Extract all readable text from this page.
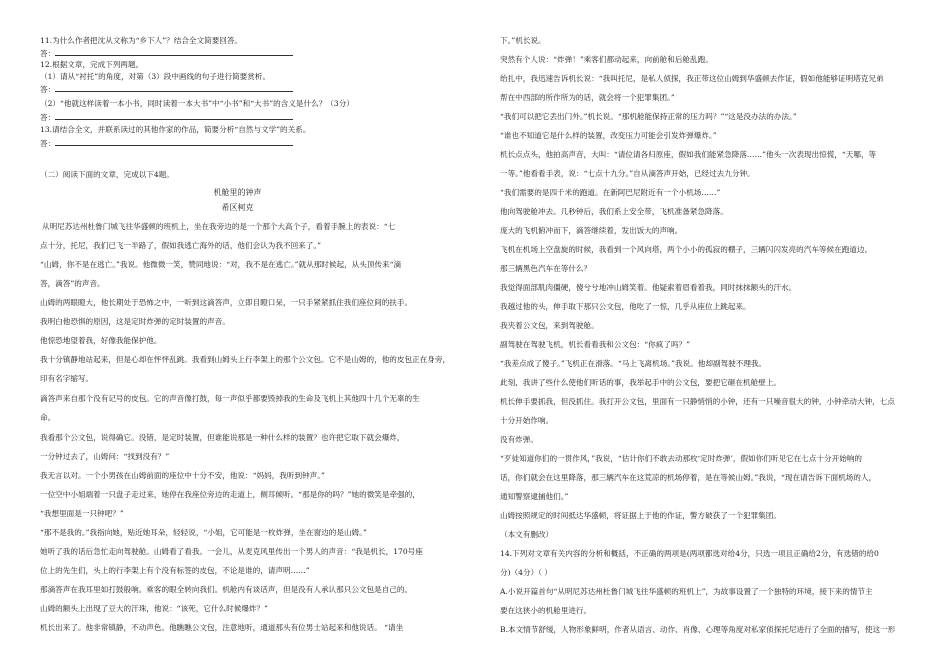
11.为什么作者把沈从文称为“乡下人”？结合全文简要回答。
答：
12.根据文章，完成下列两题。
（1）请从“衬托”的角度，对第（3）段中画线的句子进行简要赏析。
答：
（2）“他就这样读着一本小书，同时读着一本大书”中“小书”和“大书”的含义是什么？（3分）
答：
13.请结合全文，并联系读过的其他作家的作品，简要分析“自然与文学”的关系。
答：
（二）阅读下面的文章，完成以下4题。
机舱里的钟声
希区柯克
从明尼苏达州杜鲁门城飞往华盛顿的班机上，坐在我旁边的是一个那个大高个子，看着手腕上的表说：“七
点十分，托尼，我们已飞一半路了，假如我逃亡海外的话，他们会认为我不回来了。”
“山姆，你不是在逃亡。”我说。他微微一笑，赞同地说：“对，我不是在逃亡。”就从那时候起，从头顶传来“滴
答，滴答”的声音。
山姆的两眼瞪大，他长期处于恐怖之中，一听到这滴答声，立即目瞪口呆，一只手紧紧抓住我们座位间的扶手。
我明白他恐惧的原因，这是定时炸弹的定时装置的声音。
他惊恐地望着我，好像我能保护他。
我十分镇静地站起来，但是心却在怦怦乱跳。我看到山姆头上行李架上的那个公文包。它不是山姆的，他的皮包正在身旁，
印有名字缩写。
滴答声来自那个没有记号的皮包。它的声音像打鼓，每一声似乎都要毁掉我的生命及飞机上其他四十几个无辜的生
命。
我看那个公文包，说得确它。没错，是定时装置，但谁能说那是一种什么样的装置？也许把它取下就会爆炸，
一分钟过去了，山姆问：“找到没有？”
我无言以对。一个小男孩在山姆前面的座位中十分不安，他说：“妈妈，我听到钟声。”
一位空中小姐端着一只盘子走过来，她停在我座位旁边的走道上，侧耳倾听。“那是你的吗？”她的微笑是牵强的，
“我想里面是一只钟吧？”
“那不是我的。”我指向她，贴近她耳朵，轻轻说，“小姐，它可能是一枚炸弹，坐在窗边的是山姆。”
她听了我的话后急忙走向驾驶舱。山姆看了看我。一会儿，从麦克风里传出一个男人的声音：“我是机长，170号座
位上的先生们，头上的行李架上有个没有标签的皮包，不论是谁的，请声明……”
那滴答声在我耳里如打鼓般响。乘客的眼全转向我们。机舱内有谈话声，但是没有人承认那只公文包是自己的。
山姆的额头上出现了豆大的汗珠，他说：“该死，它什么时候爆炸？”
机长出来了。他非常镇静，不动声色。他瞧瞧公文包，注意地听，通道那头有位男士站起来和他说话。 “请坐
下。”机长说。
突然有个人说：“炸弹！”乘客们都动起来，向前舱和后舱乱跑。
绐扎中，我迅速告诉机长说：“我叫托尼，是私人侦探，我正带这位山姆到华盛顿去作证，假如他能够证明塔克兄弟
帮在中西部的所作所为的话，就会将一个犯罪集团。”
“我们可以把它丢出门外。”机长说。“那机舱能保持正常的压力吗？”“这是没办法的办法。”
“谁也不知道它是什么样的装置，改变压力可能会引发炸弹爆炸。”
机长点点头，他拍高声音，大叫：“请位请各归原座，假如我们能紧急降落……”他头一次表现出惊慌，“天哪，等
一等。”他看看手表，说：“七点十九分。”自从滴答声开始，已经过去九分钟。
“我们需要的是四千米的跑道。在新阿巴尼附近有一个小机场……”
他向驾驶舱冲去。几秒钟后，我们系上安全带，飞机准备紧急降落。
庞大的飞机俯冲而下，滴答继续着，发出饭大的声响。
飞机在机场上空盘旋的时候，我看到一个风向塔，两个小小的孤寂的棚子，三辆闪闪发亮的汽车等候在跑道边。
那三辆黑色汽车在等什么？
我觉得面部肌肉僵硬，傻兮兮地冲山姆笑着。他疑索着眉看着我，同时抹抹额头的汗水。
我越过他的头，伸手取下那只公文包，他吃了一惊，几乎从座位上跳起来。
我夹着公文包，来到驾驶舱。
副驾驶在驾驶飞机，机长看看我和公文包：“你疯了吗？”
“我差点成了傻子。”飞机正在滑落。“马上飞离机场。”我说。他却副驾驶不理我。
此刻，我讲了些什么使他们听话的事，我举起手中的公文包，要把它砸在机舱壁上。
机长伸手要抓我，但没抓住。我打开公文包，里面有一只静悄悄的小钟，还有一只噪音很大的钟，小钟牵动大钟，七点
十分开始作响。
没有炸弹。
“歹徒知道你们的一贯作风，”我说，“估计你们不敢去动那枚‘定时炸弹’，假如你们听见它在七点十分开始响的
话，你们就会在这里降落，那三辆汽车在这荒凉的机场停着，是在等候山姆。”我说，“现在请告诉下面机场的人，
通知警察逮捕他们。”
山姆按照规定的时间抵达华盛顿，将证据上于他的作证，警方破获了一个犯罪集团。
（本文有删改）
14.下列对文章有关内容的分析和概括，不正确的两项是(两项都选对给4分，只选一项且正确给2分，有选错的给0
分)（4分）（ ）
A.小说开篇首句“从明尼苏达州杜鲁门城飞往华盛顿的班机上”，为故事设置了一个独特的环境，接下来的情节主
要在这狭小的机舱里进行。
B.本文情节舒缓，人物形象鲜明，作者从语言、动作、肖像、心理等角度对私家侦探托尼进行了全面的描写，使这一形
